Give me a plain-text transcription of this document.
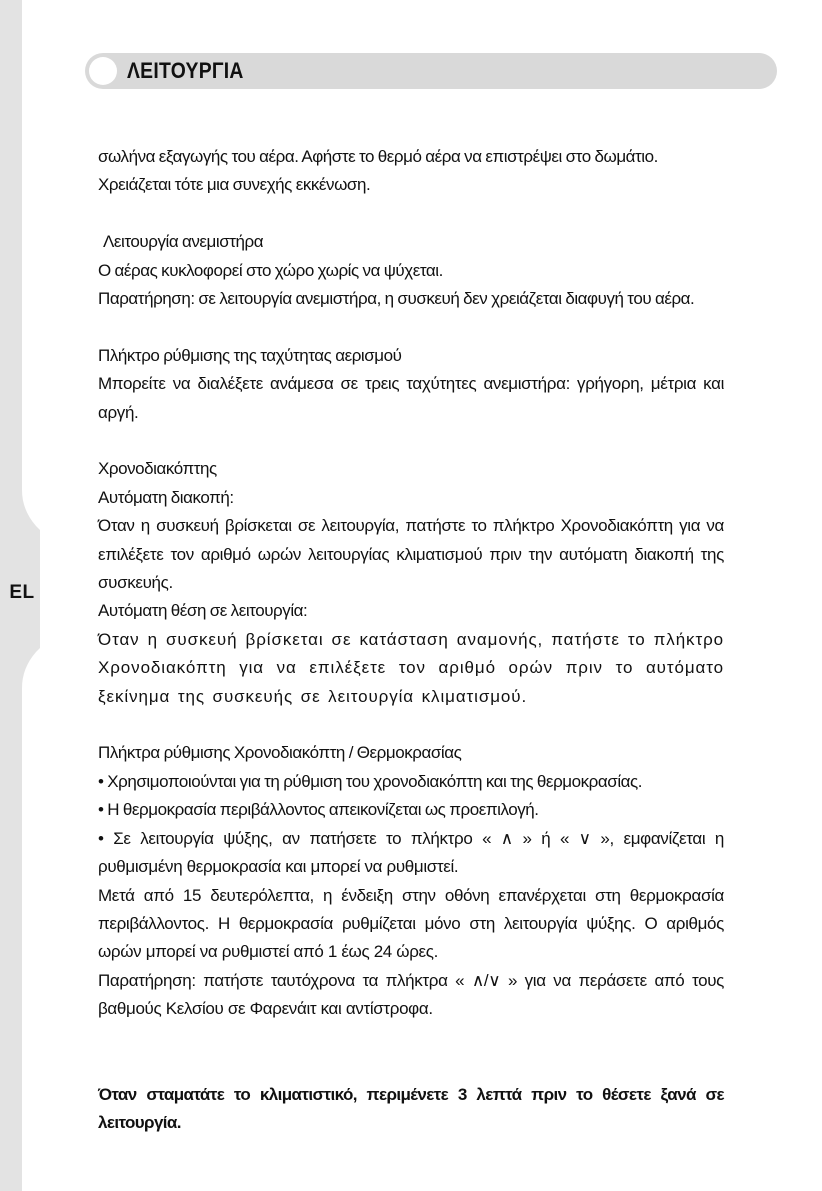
EL
ΛΕΙΤΟΥΡΓΙΑ

σωλήνα εξαγωγής του αέρα. Αφήστε το θερμό αέρα να επιστρέψει στο δωμάτιο.

Χρειάζεται τότε μια συνεχής εκκένωση.

Λειτουργία ανεμιστήρα

Ο αέρας κυκλοφορεί στο χώρο χωρίς να ψύχεται.

Παρατήρηση: σε λειτουργία ανεμιστήρα, η συσκευή δεν χρειάζεται διαφυγή του αέρα.

Πλήκτρο ρύθμισης της ταχύτητας αερισμού

Μπορείτε να διαλέξετε ανάμεσα σε τρεις ταχύτητες ανεμιστήρα: γρήγορη, μέτρια και αργή.

Χρονοδιακόπτης

Αυτόματη διακοπή:

Όταν η συσκευή βρίσκεται σε λειτουργία, πατήστε το πλήκτρο Χρονοδιακόπτη για να επιλέξετε τον αριθμό ωρών λειτουργίας κλιματισμού πριν την αυτόματη διακοπή της συσκευής.

Αυτόματη θέση σε λειτουργία:

Όταν η συσκευή βρίσκεται σε κατάσταση αναμονής, πατήστε το πλήκτρο Χρονοδιακόπτη για να επιλέξετε τον αριθμό ορών πριν το αυτόματο ξεκίνημα της συσκευής σε λειτουργία κλιματισμού.

Πλήκτρα ρύθμισης Χρονοδιακόπτη / Θερμοκρασίας

• Χρησιμοποιούνται για τη ρύθμιση του χρονοδιακόπτη και της θερμοκρασίας.

• Η θερμοκρασία περιβάλλοντος απεικονίζεται ως προεπιλογή.

• Σε λειτουργία ψύξης, αν πατήσετε το πλήκτρο « ∧ » ή « ∨ », εμφανίζεται η ρυθμισμένη θερμοκρασία και μπορεί να ρυθμιστεί.

Μετά από 15 δευτερόλεπτα, η ένδειξη στην οθόνη επανέρχεται στη θερμοκρασία περιβάλλοντος. Η θερμοκρασία ρυθμίζεται μόνο στη λειτουργία ψύξης. Ο αριθμός ωρών μπορεί να ρυθμιστεί από 1 έως 24 ώρες.

Παρατήρηση: πατήστε ταυτόχρονα τα πλήκτρα « ∧/∨ » για να περάσετε από τους βαθμούς Κελσίου σε Φαρενάιτ και αντίστροφα.

Όταν σταματάτε το κλιματιστικό, περιμένετε 3 λεπτά πριν το θέσετε ξανά σε λειτουργία.
